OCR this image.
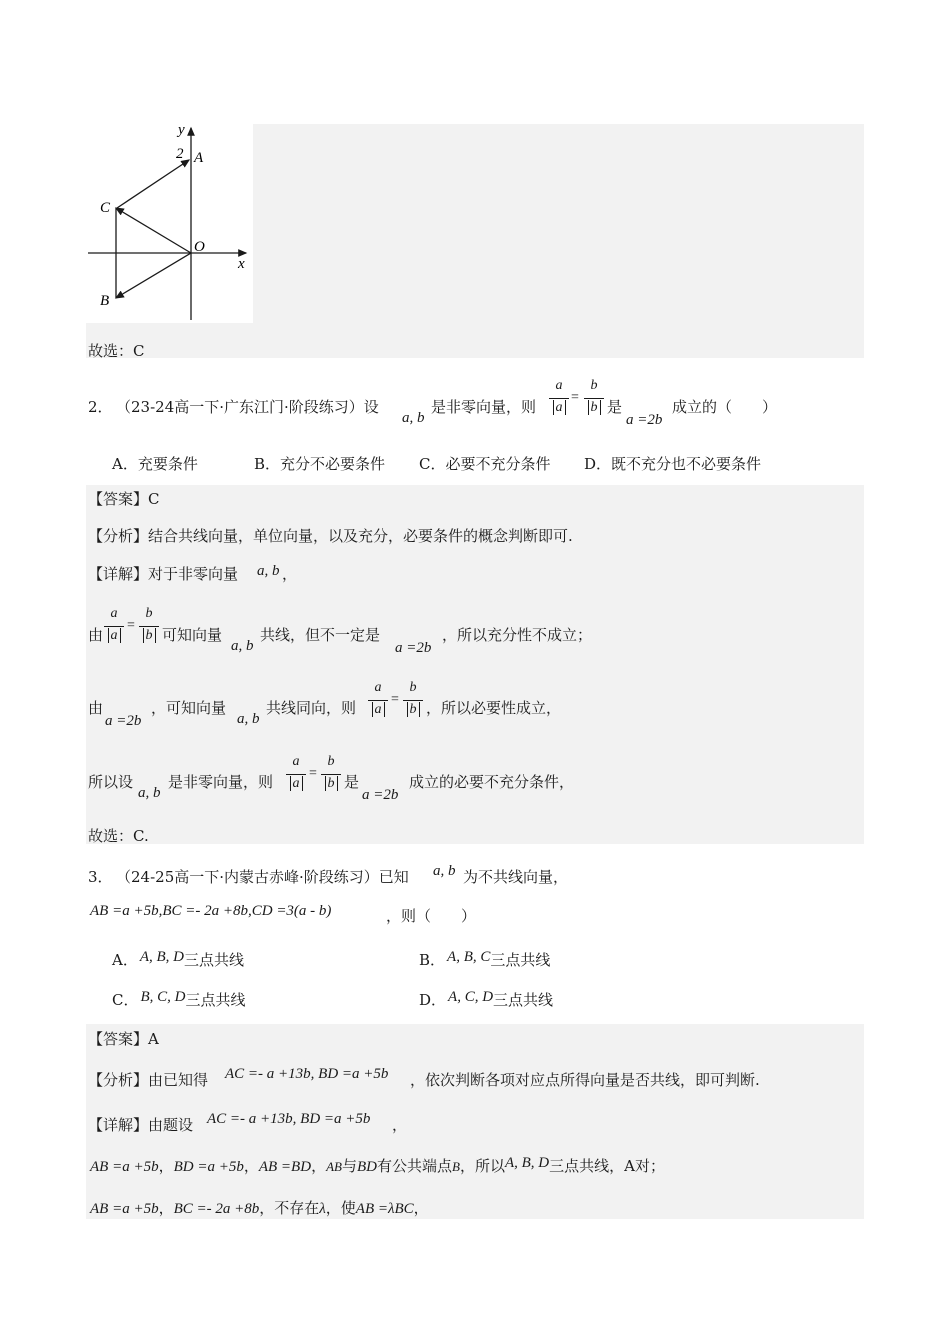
y
2 A
C
O
x
B
故选：C
2． （23-24高一下·广东江门·阶段练习）设
a, b
是非零向量，则
a
a
=
b
b 是
a =2b
成立的（　　）
A．充要条件	B．充分不必要条件 C．必要不充分条件 D．既不充分也不必要条件
【答案】C
【分析】结合共线向量，单位向量，以及充分，必要条件的概念判断即可.
【详解】对于非零向量 a, b ，
由
a
a
=
b
b 可知向量
a, b
共线，但不一定是
a =2b
，所以充分性不成立；
由
a =2b
，可知向量
a, b
共线同向，则
a
a
=
b
b ，所以必要性成立，
所以设
a, b
是非零向量，则
a
a
=
b
b 是
a =2b
成立的必要不充分条件，
故选：C.
3． （24-25高一下·内蒙古赤峰·阶段练习）已知 a, b 为不共线向量，
AB =a +5b,BC =- 2a +8b,CD =3(a - b)	，则（　　）
A． A, B, D三点共线	B． A, B, C三点共线
C． B, C, D三点共线	D． A, C, D三点共线
【答案】A
【分析】由已知得 AC =- a +13b, BD =a +5b ，依次判断各项对应点所得向量是否共线，即可判断.
【详解】由题设 AC =- a +13b, BD =a +5b ，
AB =a +5b，BD =a +5b，AB =BD，AB与BD有公共端点B，所以A, B, D三点共线，A对；
AB =a +5b，BC =- 2a +8b，不存在λ，使AB =λBC，
